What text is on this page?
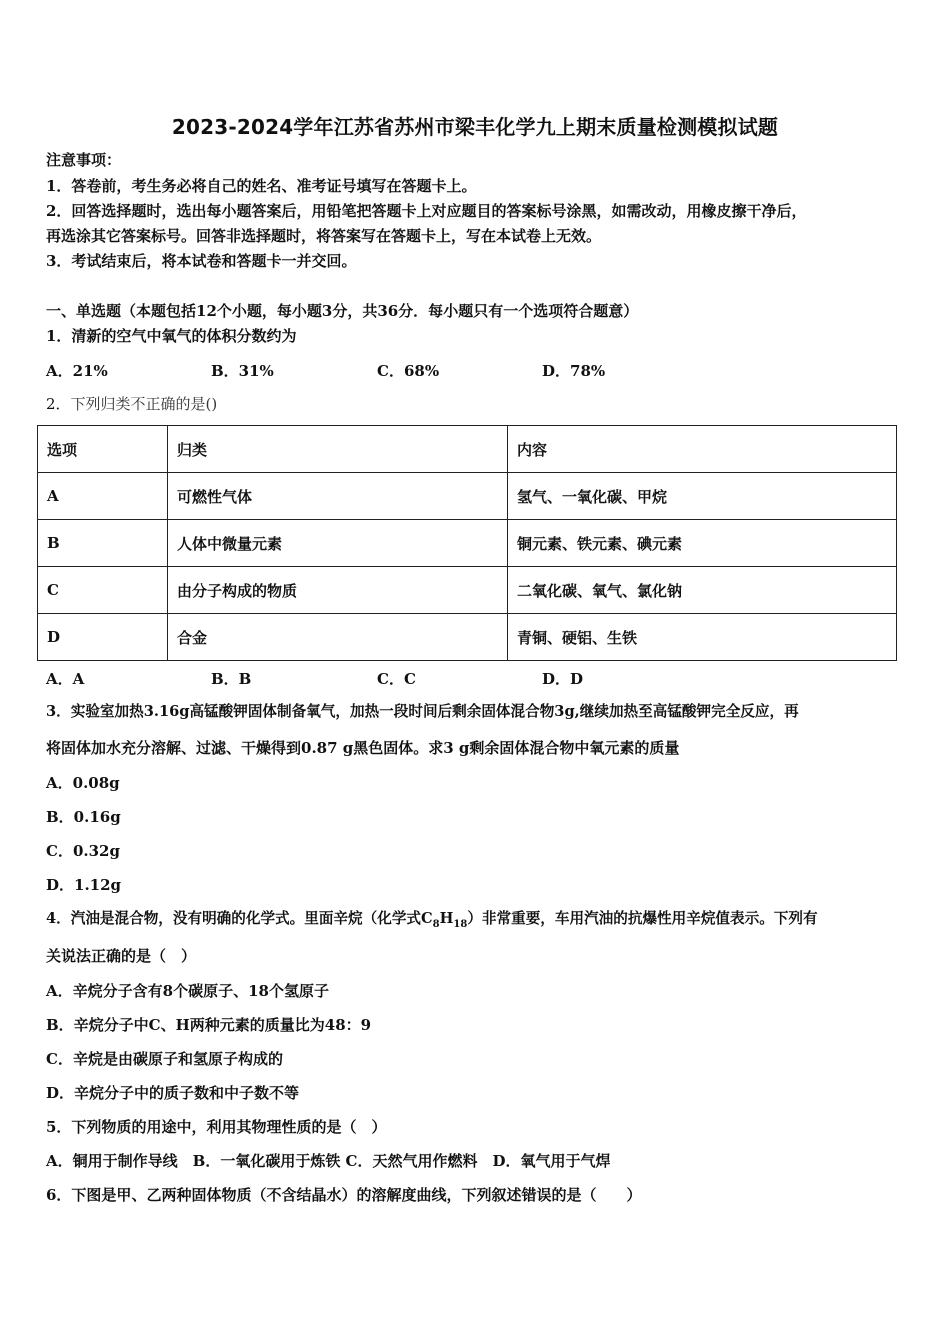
2023-2024学年江苏省苏州市梁丰化学九上期末质量检测模拟试题
注意事项：
1．答卷前，考生务必将自己的姓名、准考证号填写在答题卡上。
2．回答选择题时，选出每小题答案后，用铅笔把答题卡上对应题目的答案标号涂黑，如需改动，用橡皮擦干净后，
再选涂其它答案标号。回答非选择题时，将答案写在答题卡上，写在本试卷上无效。
3．考试结束后，将本试卷和答题卡一并交回。
一、单选题（本题包括12个小题，每小题3分，共36分．每小题只有一个选项符合题意）
1．清新的空气中氧气的体积分数约为
A．21%	B．31%	C．68%	D．78%
2．下列归类不正确的是()
选项	归类	内容
A	可燃性气体	氢气、一氧化碳、甲烷
B	人体中微量元素	铜元素、铁元素、碘元素
C	由分子构成的物质	二氧化碳、氧气、氯化钠
D	合金	青铜、硬铝、生铁
A．A	B．B	C．C	D．D
3．实验室加热3.16g高锰酸钾固体制备氧气，加热一段时间后剩余固体混合物3g,继续加热至高锰酸钾完全反应，再
将固体加水充分溶解、过滤、干燥得到0.87 g黑色固体。求3 g剩余固体混合物中氧元素的质量
A．0.08g
B．0.16g
C．0.32g
D．1.12g
4．汽油是混合物，没有明确的化学式。里面辛烷（化学式$C_8H_{18}$）非常重要，车用汽油的抗爆性用辛烷值表示。下列有
关说法正确的是（　）
A．辛烷分子含有8个碳原子、18个氢原子
B．辛烷分子中C、H两种元素的质量比为48：9
C．辛烷是由碳原子和氢原子构成的
D．辛烷分子中的质子数和中子数不等
5．下列物质的用途中，利用其物理性质的是（　）
A．铜用于制作导线　B．一氧化碳用于炼铁 C．天然气用作燃料　D．氧气用于气焊
6．下图是甲、乙两种固体物质（不含结晶水）的溶解度曲线，下列叙述错误的是（　　）
